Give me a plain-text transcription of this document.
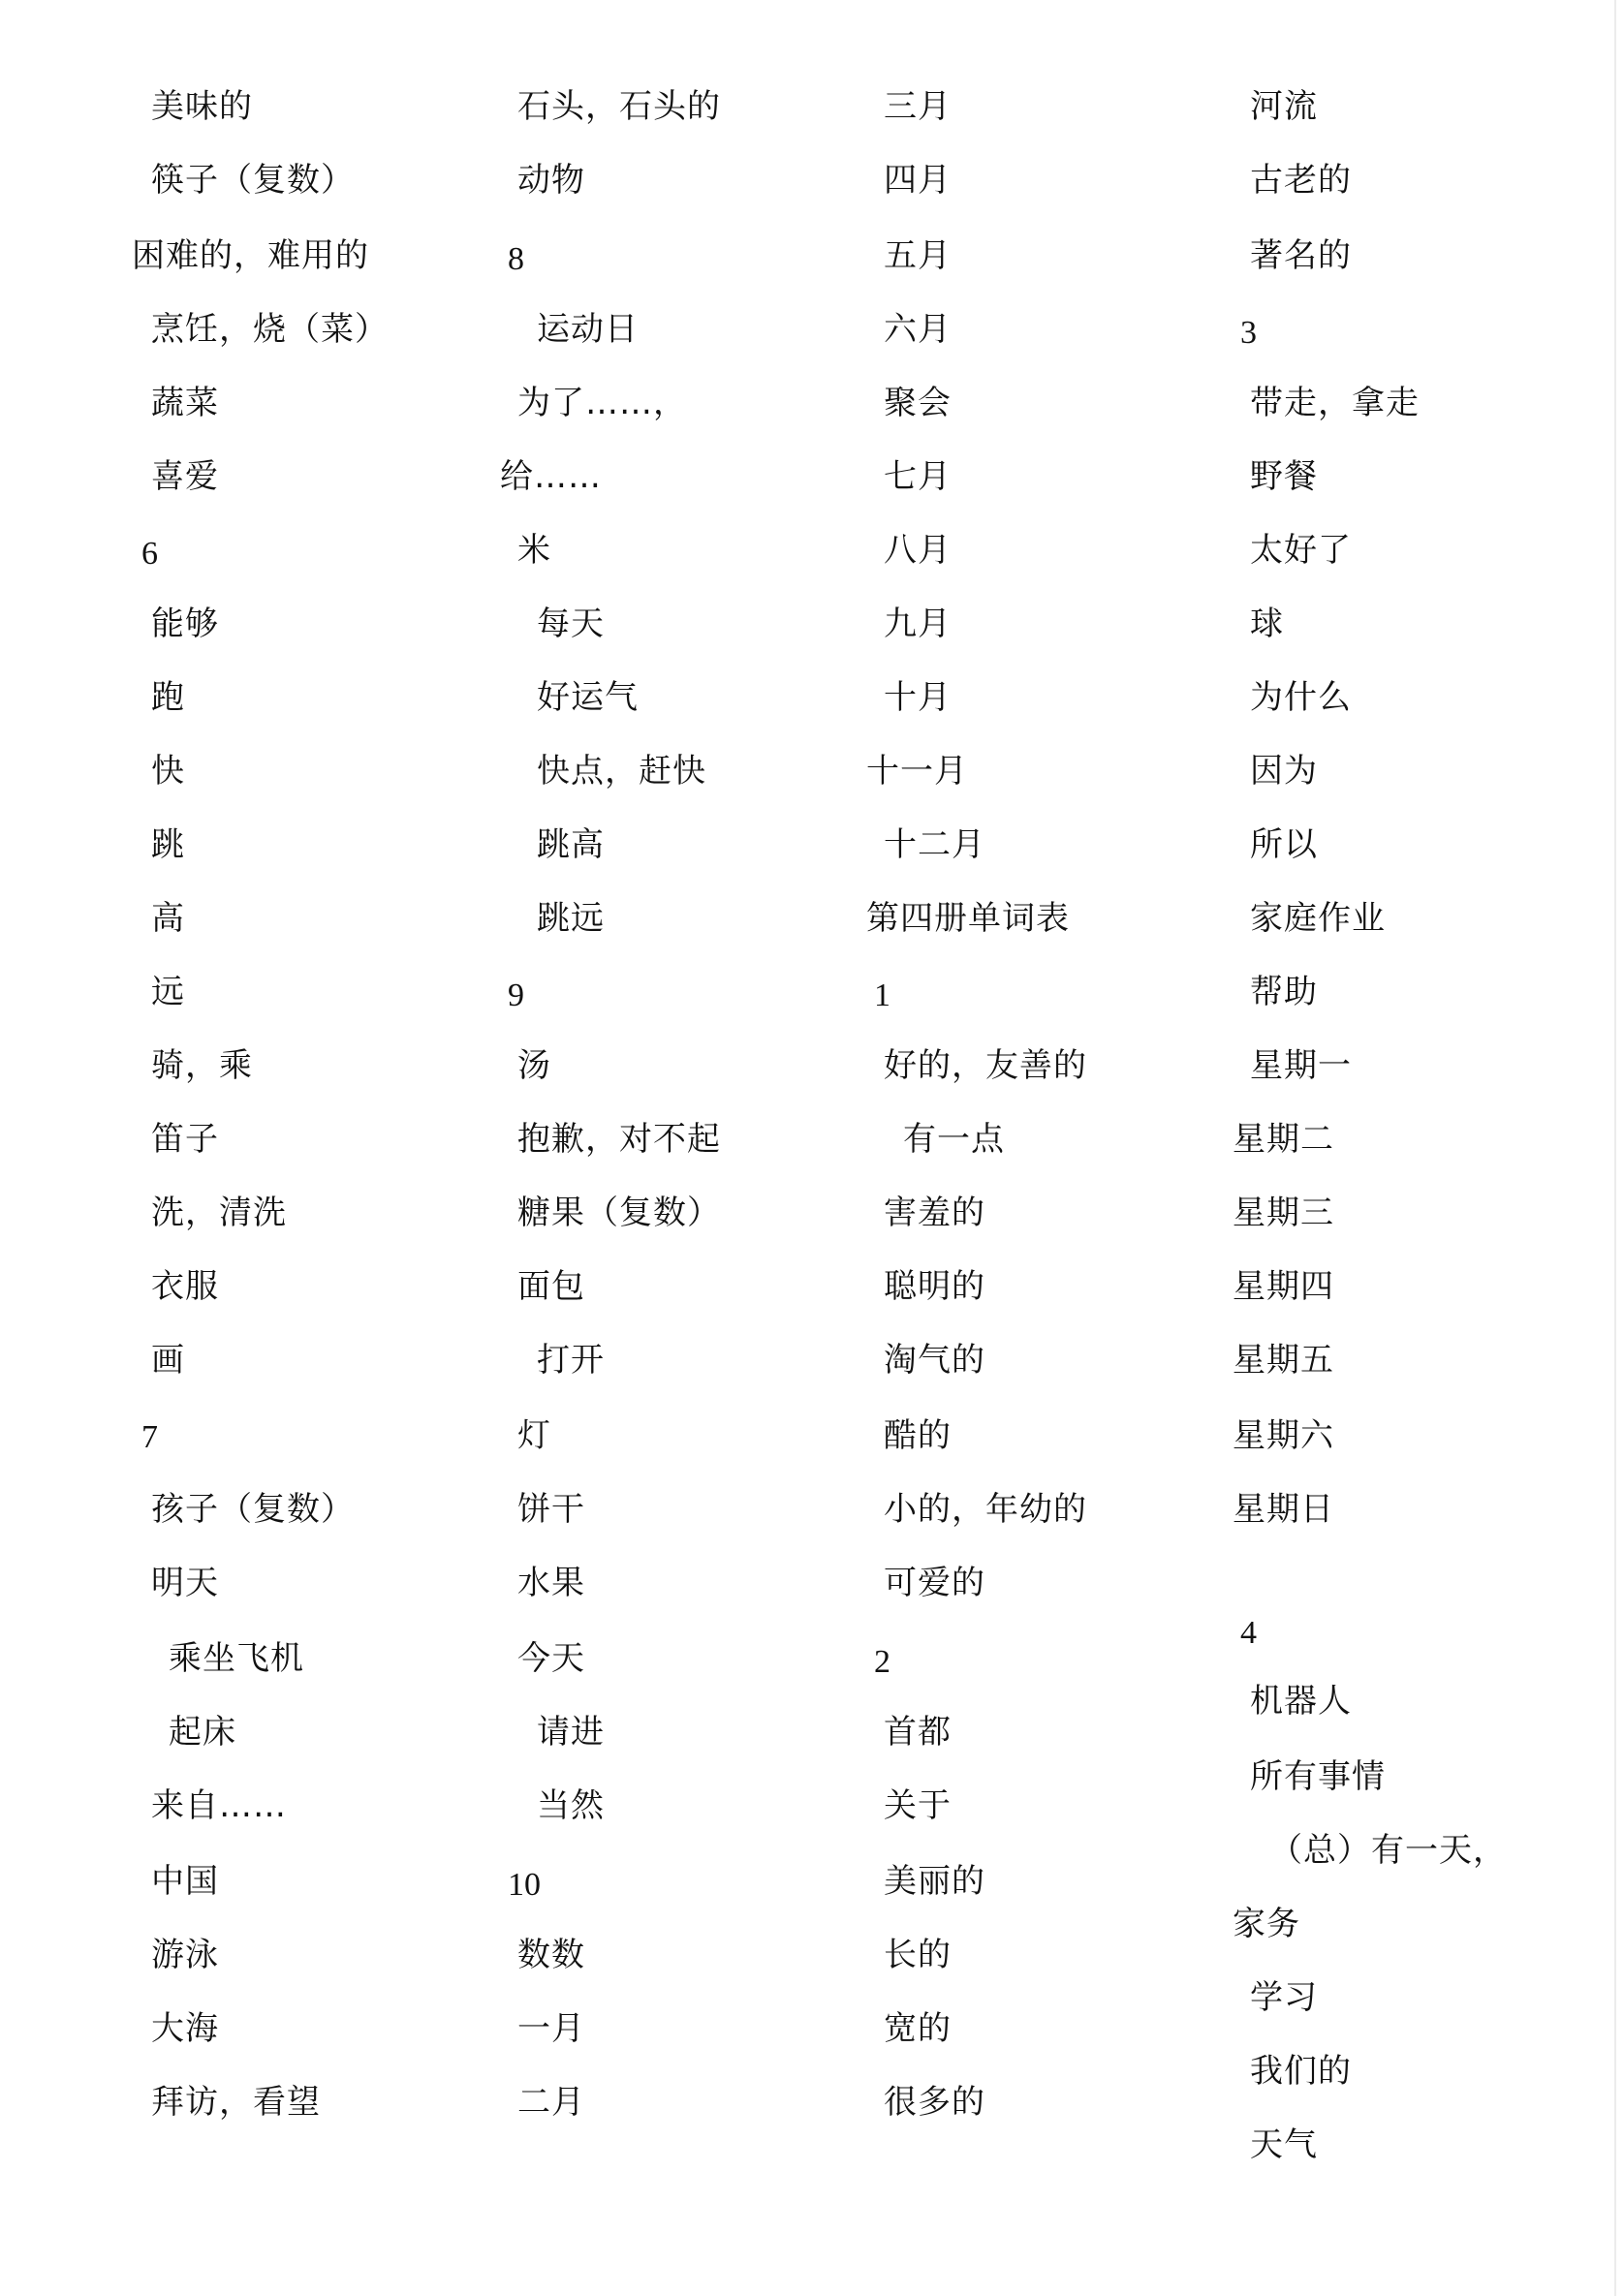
美味的
筷子（复数）
困难的，难用的
烹饪，烧（菜）
蔬菜
喜爱
6
能够
跑
快
跳
高
远
骑，乘
笛子
洗，清洗
衣服
画
7
孩子（复数）
明天
乘坐飞机
起床
来自……
中国
游泳
大海
拜访，看望
石头，石头的
动物
8
运动日
为了……，
给……
米
每天
好运气
快点，赶快
跳高
跳远
9
汤
抱歉，对不起
糖果（复数）
面包
打开
灯
饼干
水果
今天
请进
当然
10
数数
一月
二月
三月
四月
五月
六月
聚会
七月
八月
九月
十月
十一月
十二月
第四册单词表
1
好的，友善的
有一点
害羞的
聪明的
淘气的
酷的
小的，年幼的
可爱的
2
首都
关于
美丽的
长的
宽的
很多的
河流
古老的
著名的
3
带走，拿走
野餐
太好了
球
为什么
因为
所以
家庭作业
帮助
星期一
星期二
星期三
星期四
星期五
星期六
星期日
4
机器人
所有事情
（总）有一天，
家务
学习
我们的
天气
